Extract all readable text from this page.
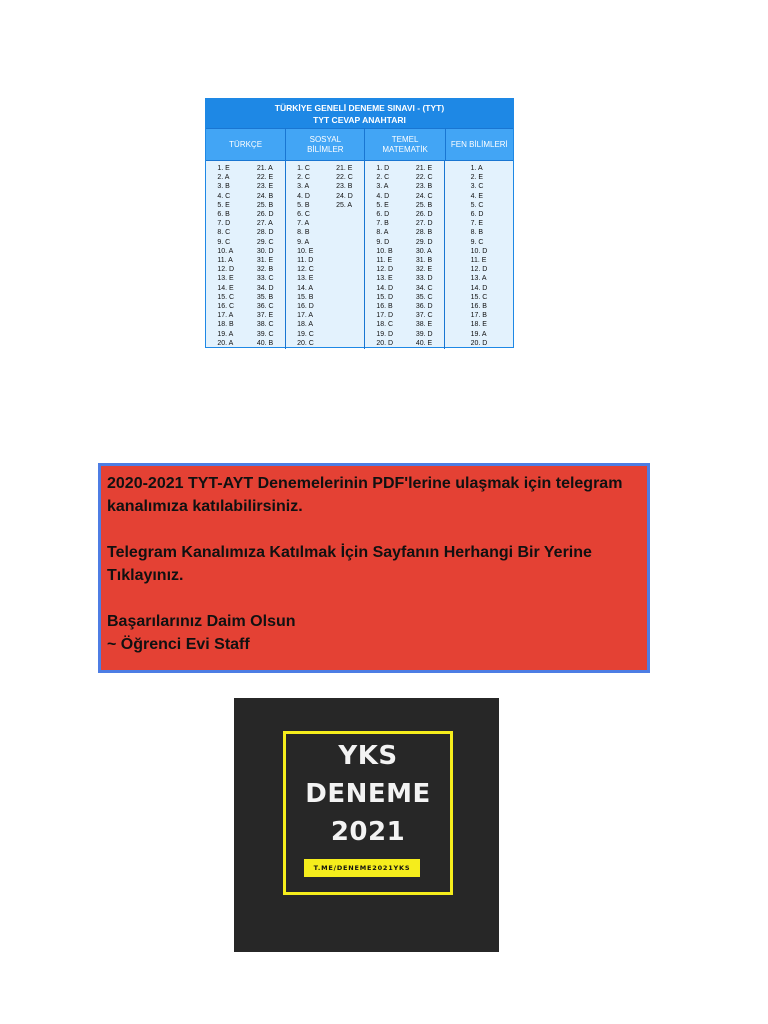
TÜRKİYE GENELİ DENEME SINAVI - (TYT)
TYT CEVAP ANAHTARI
TÜRKÇE
SOSYAL
BİLİMLER
TEMEL
MATEMATİK
FEN BİLİMLERİ
1. E
2. A
3. B
4. C
5. E
6. B
7. D
8. C
9. C
10. A
11. A
12. D
13. E
14. E
15. C
16. C
17. A
18. B
19. A
20. A
21. A
22. E
23. E
24. B
25. B
26. D
27. A
28. D
29. C
30. D
31. E
32. B
33. C
34. D
35. B
36. C
37. E
38. C
39. C
40. B
1. C
2. C
3. A
4. D
5. B
6. C
7. A
8. B
9. A
10. E
11. D
12. C
13. E
14. A
15. B
16. D
17. A
18. A
19. C
20. C
21. E
22. C
23. B
24. D
25. A
1. D
2. C
3. A
4. D
5. E
6. D
7. B
8. A
9. D
10. B
11. E
12. D
13. E
14. D
15. D
16. B
17. D
18. C
19. D
20. D
21. E
22. C
23. B
24. C
25. B
26. D
27. D
28. B
29. D
30. A
31. B
32. E
33. D
34. C
35. C
36. D
37. C
38. E
39. D
40. E
1. A
2. E
3. C
4. E
5. C
6. D
7. E
8. B
9. C
10. D
11. E
12. D
13. A
14. D
15. C
16. B
17. B
18. E
19. A
20. D

2020-2021 TYT-AYT Denemelerinin PDF'lerine ulaşmak için telegram kanalımıza katılabilirsiniz.

Telegram Kanalımıza Katılmak İçin Sayfanın Herhangi Bir Yerine Tıklayınız.

Başarılarınız Daim Olsun
~ Öğrenci Evi Staff

YKS
DENEME
2021
T.ME/DENEME2021YKS
